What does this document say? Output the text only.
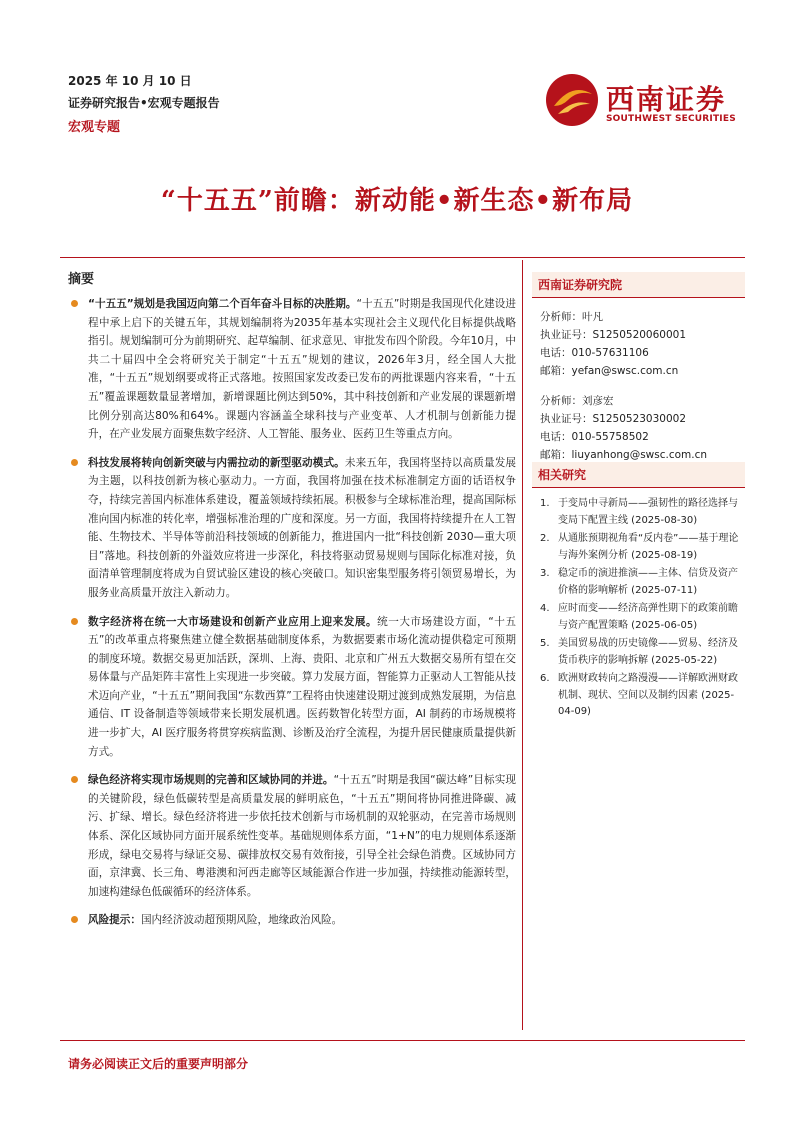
2025 年 10 月 10 日
证券研究报告•宏观专题报告
宏观专题
西南证券
SOUTHWEST SECURITIES
“十五五”前瞻：新动能•新生态•新布局
摘要
“十五五”规划是我国迈向第二个百年奋斗目标的决胜期。“十五五”时期是我国现代化建设进程中承上启下的关键五年，其规划编制将为2035年基本实现社会主义现代化目标提供战略指引。规划编制可分为前期研究、起草编制、征求意见、审批发布四个阶段。今年10月，中共二十届四中全会将研究关于制定“十五五”规划的建议，2026年3月，经全国人大批准，“十五五”规划纲要或将正式落地。按照国家发改委已发布的两批课题内容来看，“十五五”覆盖课题数量显著增加，新增课题比例达到50%，其中科技创新和产业发展的课题新增比例分别高达80%和64%。课题内容涵盖全球科技与产业变革、人才机制与创新能力提升，在产业发展方面聚焦数字经济、人工智能、服务业、医药卫生等重点方向。
科技发展将转向创新突破与内需拉动的新型驱动模式。未来五年，我国将坚持以高质量发展为主题，以科技创新为核心驱动力。一方面，我国将加强在技术标准制定方面的话语权争夺，持续完善国内标准体系建设，覆盖领域持续拓展。积极参与全球标准治理，提高国际标准向国内标准的转化率，增强标准治理的广度和深度。另一方面，我国将持续提升在人工智能、生物技术、半导体等前沿科技领域的创新能力，推进国内一批“科技创新 2030—重大项目”落地。科技创新的外溢效应将进一步深化，科技将驱动贸易规则与国际化标准对接，负面清单管理制度将成为自贸试验区建设的核心突破口。知识密集型服务将引领贸易增长，为服务业高质量开放注入新动力。
数字经济将在统一大市场建设和创新产业应用上迎来发展。统一大市场建设方面，“十五五”的改革重点将聚焦建立健全数据基础制度体系，为数据要素市场化流动提供稳定可预期的制度环境。数据交易更加活跃，深圳、上海、贵阳、北京和广州五大数据交易所有望在交易体量与产品矩阵丰富性上实现进一步突破。算力发展方面，智能算力正驱动人工智能从技术迈向产业，“十五五”期间我国“东数西算”工程将由快速建设期过渡到成熟发展期，为信息通信、IT 设备制造等领域带来长期发展机遇。医药数智化转型方面，AI 制药的市场规模将进一步扩大，AI 医疗服务将贯穿疾病监测、诊断及治疗全流程，为提升居民健康质量提供新方式。
绿色经济将实现市场规则的完善和区域协同的并进。“十五五”时期是我国“碳达峰”目标实现的关键阶段，绿色低碳转型是高质量发展的鲜明底色，“十五五”期间将协同推进降碳、减污、扩绿、增长。绿色经济将进一步依托技术创新与市场机制的双轮驱动，在完善市场规则体系、深化区域协同方面开展系统性变革。基础规则体系方面，“1+N”的电力规则体系逐渐形成，绿电交易将与绿证交易、碳排放权交易有效衔接，引导全社会绿色消费。区域协同方面，京津冀、长三角、粤港澳和河西走廊等区域能源合作进一步加强，持续推动能源转型，加速构建绿色低碳循环的经济体系。
风险提示：国内经济波动超预期风险，地缘政治风险。
西南证券研究院
分析师：叶凡
执业证号：S1250520060001
电话：010-57631106
邮箱：yefan@swsc.com.cn
分析师：刘彦宏
执业证号：S1250523030002
电话：010-55758502
邮箱：liuyanhong@swsc.com.cn
相关研究
1. 于变局中寻新局——强韧性的路径选择与变局下配置主线 (2025-08-30)
2. 从通胀预期视角看“反内卷”——基于理论与海外案例分析 (2025-08-19)
3. 稳定币的演进推演——主体、信贷及资产价格的影响解析 (2025-07-11)
4. 应时而变——经济高弹性期下的政策前瞻与资产配置策略 (2025-06-05)
5. 美国贸易战的历史镜像——贸易、经济及货币秩序的影响拆解 (2025-05-22)
6. 欧洲财政转向之路漫漫——详解欧洲财政机制、现状、空间以及制约因素 (2025-04-09)
请务必阅读正文后的重要声明部分
